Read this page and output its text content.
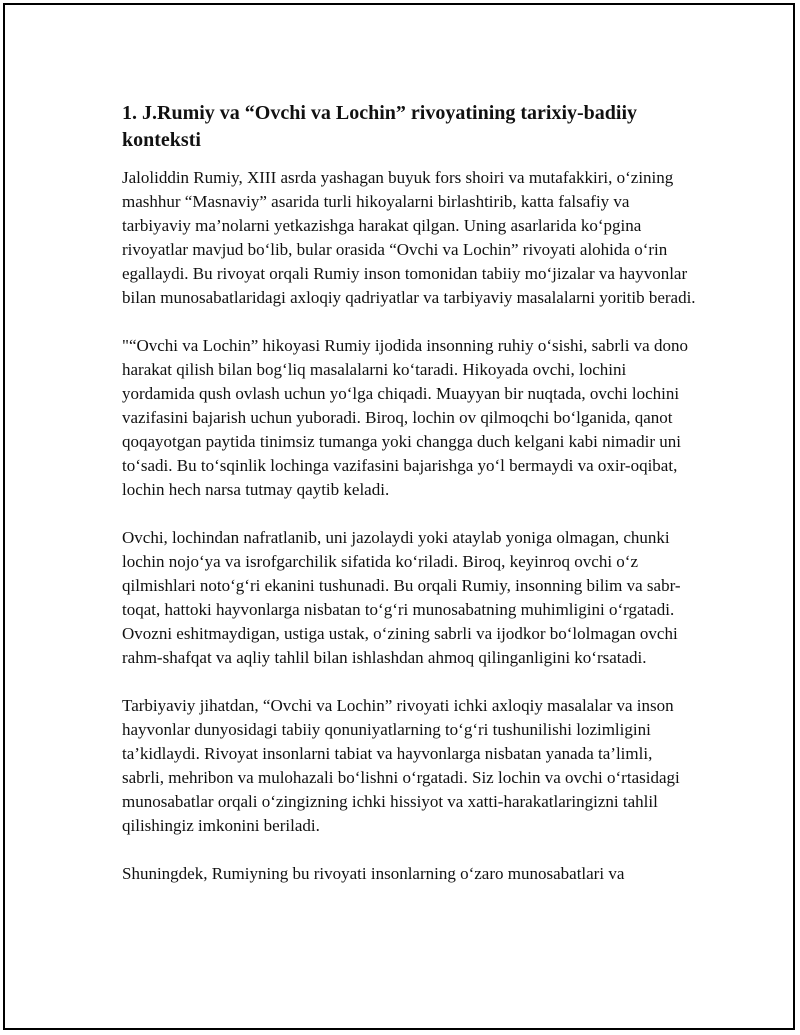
1. J.Rumiy va “Ovchi va Lochin” rivoyatining tarixiy-badiiy konteksti

Jaloliddin Rumiy, XIII asrda yashagan buyuk fors shoiri va mutafakkiri, o‘zining mashhur “Masnaviy” asarida turli hikoyalarni birlashtirib, katta falsafiy va tarbiyaviy ma’nolarni yetkazishga harakat qilgan. Uning asarlarida ko‘pgina rivoyatlar mavjud bo‘lib, bular orasida “Ovchi va Lochin” rivoyati alohida o‘rin egallaydi. Bu rivoyat orqali Rumiy inson tomonidan tabiiy mo‘jizalar va hayvonlar bilan munosabatlaridagi axloqiy qadriyatlar va tarbiyaviy masalalarni yoritib beradi.

"“Ovchi va Lochin” hikoyasi Rumiy ijodida insonning ruhiy o‘sishi, sabrli va dono harakat qilish bilan bog‘liq masalalarni ko‘taradi. Hikoyada ovchi, lochini yordamida qush ovlash uchun yo‘lga chiqadi. Muayyan bir nuqtada, ovchi lochini vazifasini bajarish uchun yuboradi. Biroq, lochin ov qilmoqchi bo‘lganida, qanot qoqayotgan paytida tinimsiz tumanga yoki changga duch kelgani kabi nimadir uni to‘sadi. Bu to‘sqinlik lochinga vazifasini bajarishga yo‘l bermaydi va oxir-oqibat, lochin hech narsa tutmay qaytib keladi.

Ovchi, lochindan nafratlanib, uni jazolaydi yoki ataylab yoniga olmagan, chunki lochin nojo‘ya va isrofgarchilik sifatida ko‘riladi. Biroq, keyinroq ovchi o‘z qilmishlari noto‘g‘ri ekanini tushunadi. Bu orqali Rumiy, insonning bilim va sabr-toqat, hattoki hayvonlarga nisbatan to‘g‘ri munosabatning muhimligini o‘rgatadi. Ovozni eshitmaydigan, ustiga ustak, o‘zining sabrli va ijodkor bo‘lolmagan ovchi rahm-shafqat va aqliy tahlil bilan ishlashdan ahmoq qilinganligini ko‘rsatadi.

Tarbiyaviy jihatdan, “Ovchi va Lochin” rivoyati ichki axloqiy masalalar va inson hayvonlar dunyosidagi tabiiy qonuniyatlarning to‘g‘ri tushunilishi lozimligini ta’kidlaydi. Rivoyat insonlarni tabiat va hayvonlarga nisbatan yanada ta’limli, sabrli, mehribon va mulohazali bo‘lishni o‘rgatadi. Siz lochin va ovchi o‘rtasidagi munosabatlar orqali o‘zingizning ichki hissiyot va xatti-harakatlaringizni tahlil qilishingiz imkonini beriladi.

Shuningdek, Rumiyning bu rivoyati insonlarning o‘zaro munosabatlari va
